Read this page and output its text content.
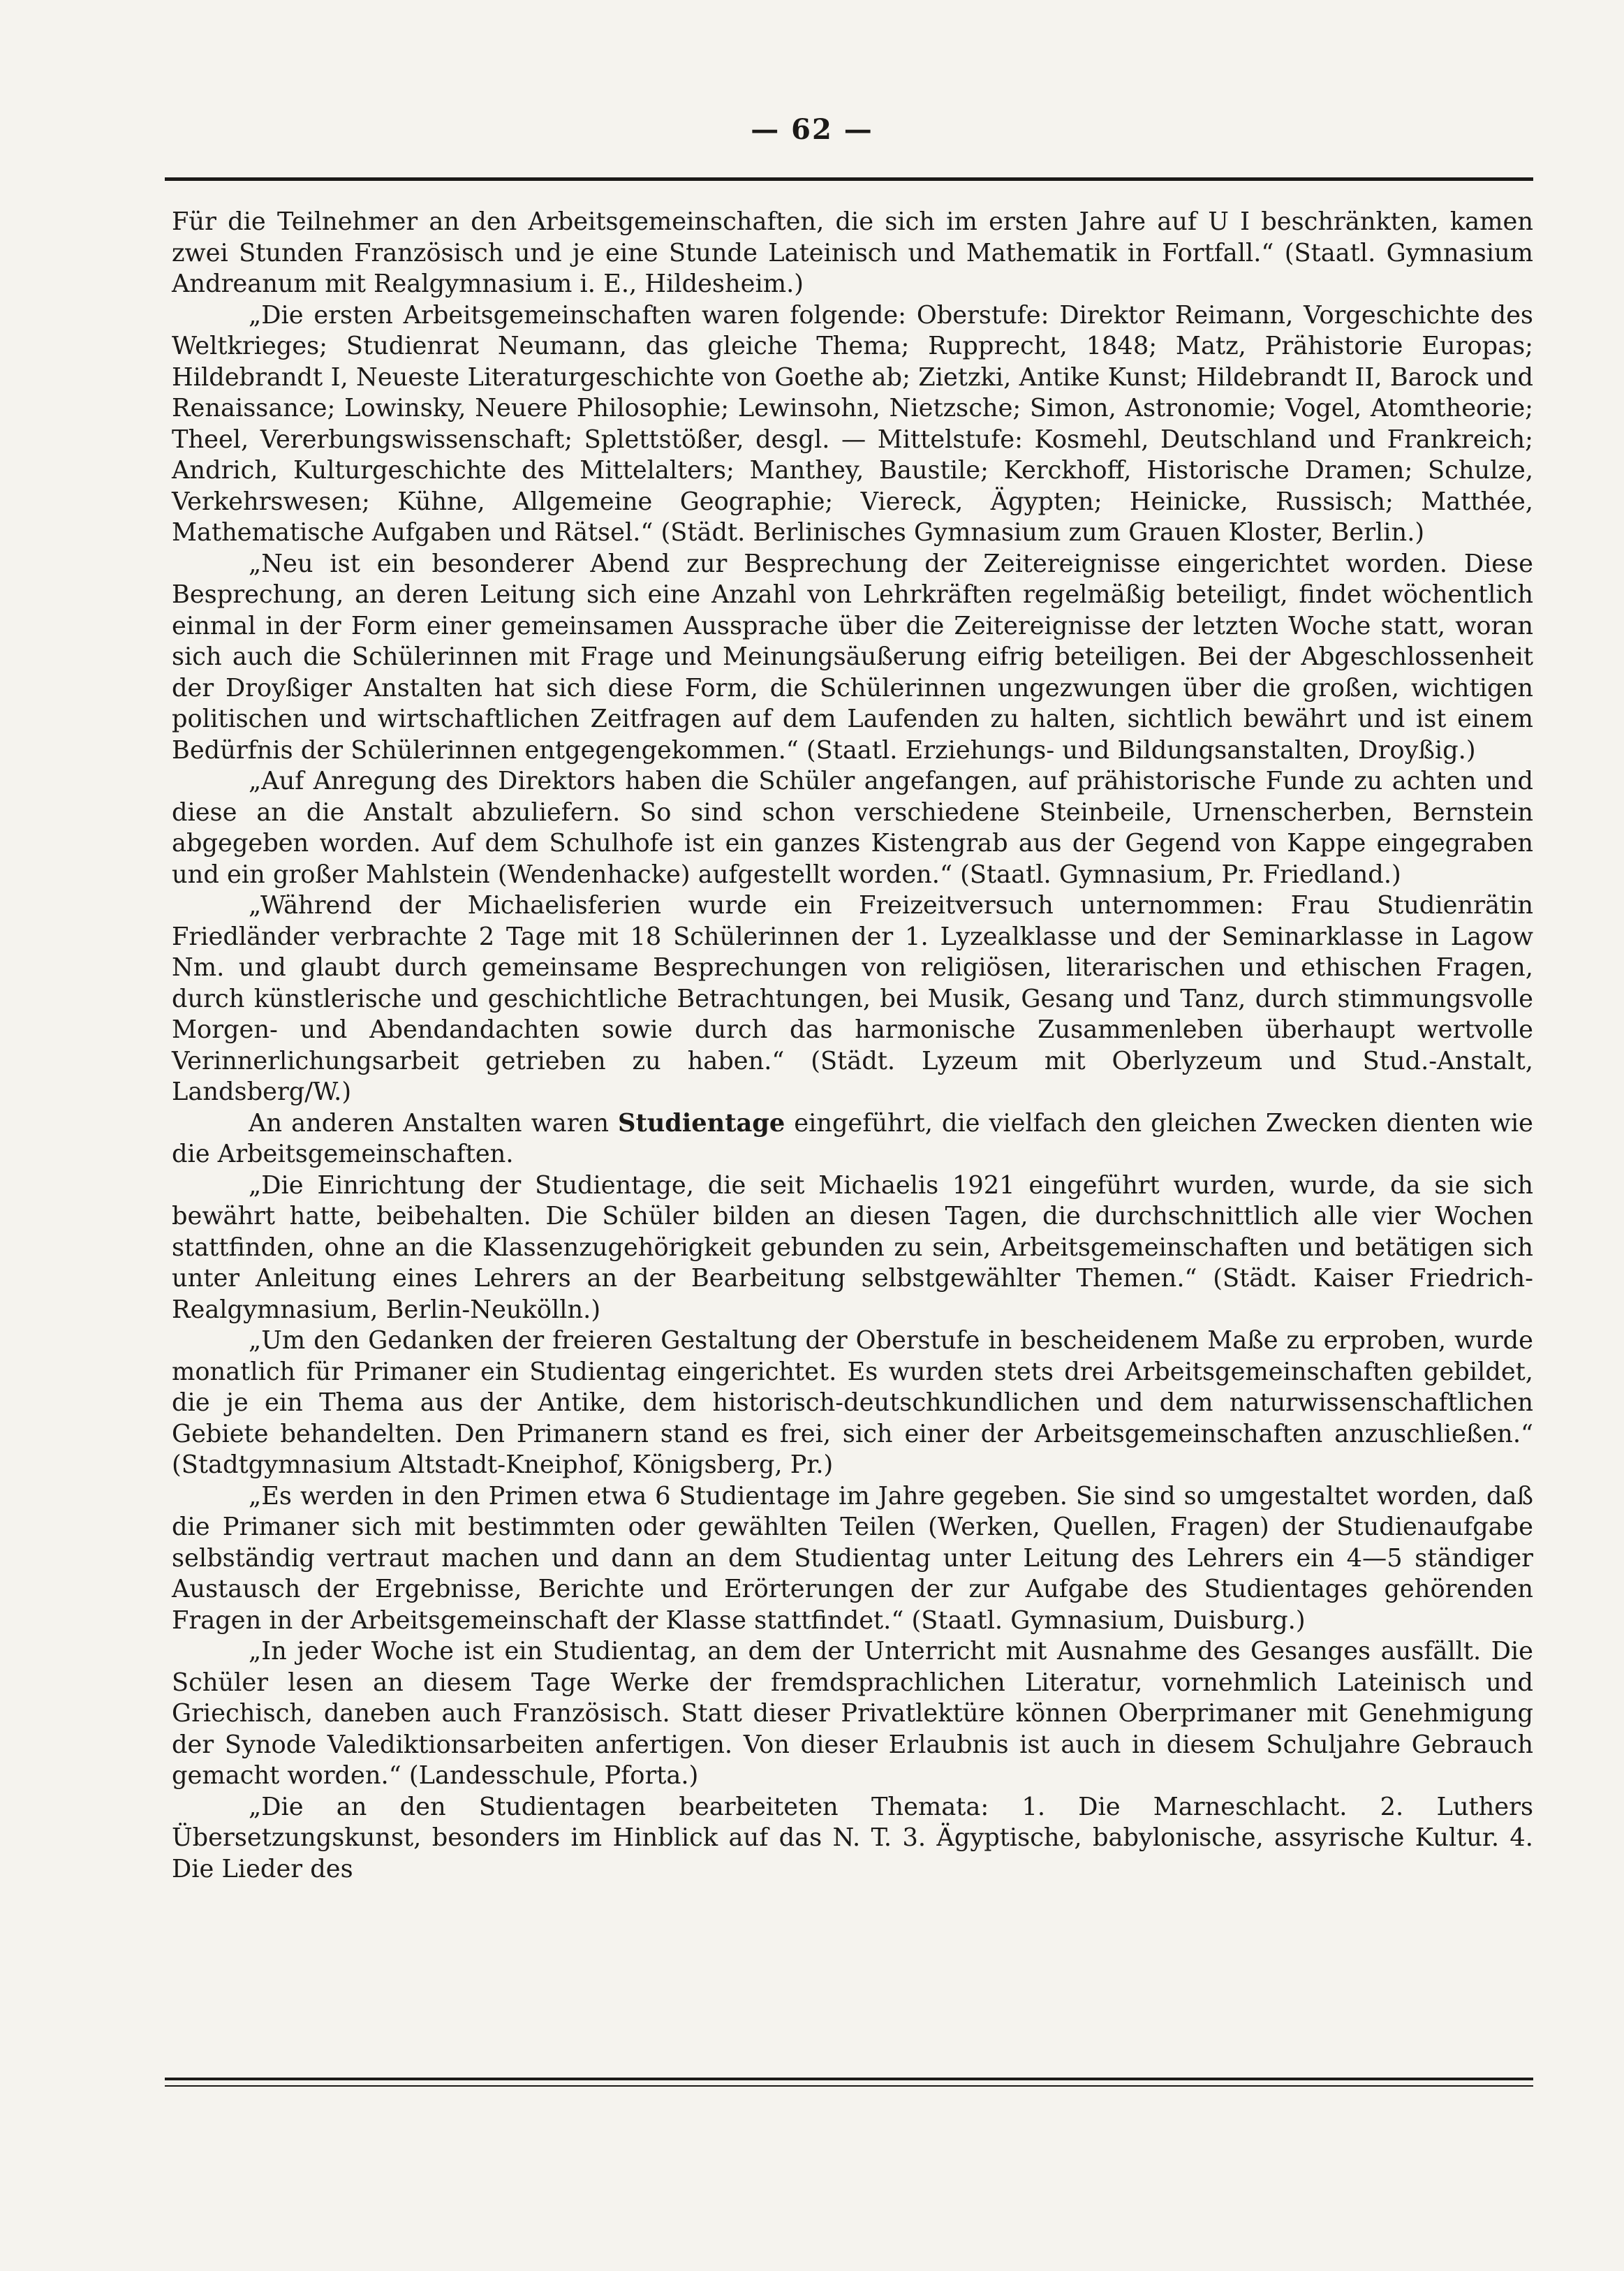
— 62 —

Für die Teilnehmer an den Arbeitsgemeinschaften, die sich im ersten Jahre auf U I beschränkten, kamen zwei Stunden Französisch und je eine Stunde Lateinisch und Mathematik in Fortfall.“ (Staatl. Gymnasium Andreanum mit Realgymnasium i. E., Hildesheim.)

„Die ersten Arbeitsgemeinschaften waren folgende: Oberstufe: Direktor Reimann, Vorgeschichte des Weltkrieges; Studienrat Neumann, das gleiche Thema; Rupprecht, 1848; Matz, Prähistorie Europas; Hildebrandt I, Neueste Literaturgeschichte von Goethe ab; Zietzki, Antike Kunst; Hildebrandt II, Barock und Renaissance; Lowinsky, Neuere Philosophie; Lewinsohn, Nietzsche; Simon, Astronomie; Vogel, Atomtheorie; Theel, Vererbungswissenschaft; Splettstößer, desgl. — Mittelstufe: Kosmehl, Deutschland und Frankreich; Andrich, Kulturgeschichte des Mittelalters; Manthey, Baustile; Kerckhoff, Historische Dramen; Schulze, Verkehrswesen; Kühne, Allgemeine Geographie; Viereck, Ägypten; Heinicke, Russisch; Matthée, Mathematische Aufgaben und Rätsel.“ (Städt. Berlinisches Gymnasium zum Grauen Kloster, Berlin.)

„Neu ist ein besonderer Abend zur Besprechung der Zeitereignisse eingerichtet worden. Diese Besprechung, an deren Leitung sich eine Anzahl von Lehrkräften regelmäßig beteiligt, findet wöchentlich einmal in der Form einer gemeinsamen Aussprache über die Zeitereignisse der letzten Woche statt, woran sich auch die Schülerinnen mit Frage und Meinungsäußerung eifrig beteiligen. Bei der Abgeschlossenheit der Droyßiger Anstalten hat sich diese Form, die Schülerinnen ungezwungen über die großen, wichtigen politischen und wirtschaftlichen Zeitfragen auf dem Laufenden zu halten, sichtlich bewährt und ist einem Bedürfnis der Schülerinnen entgegengekommen.“ (Staatl. Erziehungs- und Bildungsanstalten, Droyßig.)

„Auf Anregung des Direktors haben die Schüler angefangen, auf prähistorische Funde zu achten und diese an die Anstalt abzuliefern. So sind schon verschiedene Steinbeile, Urnenscherben, Bernstein abgegeben worden. Auf dem Schulhofe ist ein ganzes Kistengrab aus der Gegend von Kappe eingegraben und ein großer Mahlstein (Wendenhacke) aufgestellt worden.“ (Staatl. Gymnasium, Pr. Friedland.)

„Während der Michaelisferien wurde ein Freizeitversuch unternommen: Frau Studienrätin Friedländer verbrachte 2 Tage mit 18 Schülerinnen der 1. Lyzealklasse und der Seminarklasse in Lagow Nm. und glaubt durch gemeinsame Besprechungen von religiösen, literarischen und ethischen Fragen, durch künstlerische und geschichtliche Betrachtungen, bei Musik, Gesang und Tanz, durch stimmungsvolle Morgen- und Abendandachten sowie durch das harmonische Zusammenleben überhaupt wertvolle Verinnerlichungsarbeit getrieben zu haben.“ (Städt. Lyzeum mit Oberlyzeum und Stud.-Anstalt, Landsberg/W.)

An anderen Anstalten waren Studientage eingeführt, die vielfach den gleichen Zwecken dienten wie die Arbeitsgemeinschaften.

„Die Einrichtung der Studientage, die seit Michaelis 1921 eingeführt wurden, wurde, da sie sich bewährt hatte, beibehalten. Die Schüler bilden an diesen Tagen, die durchschnittlich alle vier Wochen stattfinden, ohne an die Klassenzugehörigkeit gebunden zu sein, Arbeitsgemeinschaften und betätigen sich unter Anleitung eines Lehrers an der Bearbeitung selbstgewählter Themen.“ (Städt. Kaiser Friedrich-Realgymnasium, Berlin-Neukölln.)

„Um den Gedanken der freieren Gestaltung der Oberstufe in bescheidenem Maße zu erproben, wurde monatlich für Primaner ein Studientag eingerichtet. Es wurden stets drei Arbeitsgemeinschaften gebildet, die je ein Thema aus der Antike, dem historisch-deutschkundlichen und dem naturwissenschaftlichen Gebiete behandelten. Den Primanern stand es frei, sich einer der Arbeitsgemeinschaften anzuschließen.“ (Stadtgymnasium Altstadt-Kneiphof, Königsberg, Pr.)

„Es werden in den Primen etwa 6 Studientage im Jahre gegeben. Sie sind so umgestaltet worden, daß die Primaner sich mit bestimmten oder gewählten Teilen (Werken, Quellen, Fragen) der Studienaufgabe selbständig vertraut machen und dann an dem Studientag unter Leitung des Lehrers ein 4—5 ständiger Austausch der Ergebnisse, Berichte und Erörterungen der zur Aufgabe des Studientages gehörenden Fragen in der Arbeitsgemeinschaft der Klasse stattfindet.“ (Staatl. Gymnasium, Duisburg.)

„In jeder Woche ist ein Studientag, an dem der Unterricht mit Ausnahme des Gesanges ausfällt. Die Schüler lesen an diesem Tage Werke der fremdsprachlichen Literatur, vornehmlich Lateinisch und Griechisch, daneben auch Französisch. Statt dieser Privatlektüre können Oberprimaner mit Genehmigung der Synode Valediktionsarbeiten anfertigen. Von dieser Erlaubnis ist auch in diesem Schuljahre Gebrauch gemacht worden.“ (Landesschule, Pforta.)

„Die an den Studientagen bearbeiteten Themata: 1. Die Marneschlacht. 2. Luthers Übersetzungskunst, besonders im Hinblick auf das N. T. 3. Ägyptische, babylonische, assyrische Kultur. 4. Die Lieder des
